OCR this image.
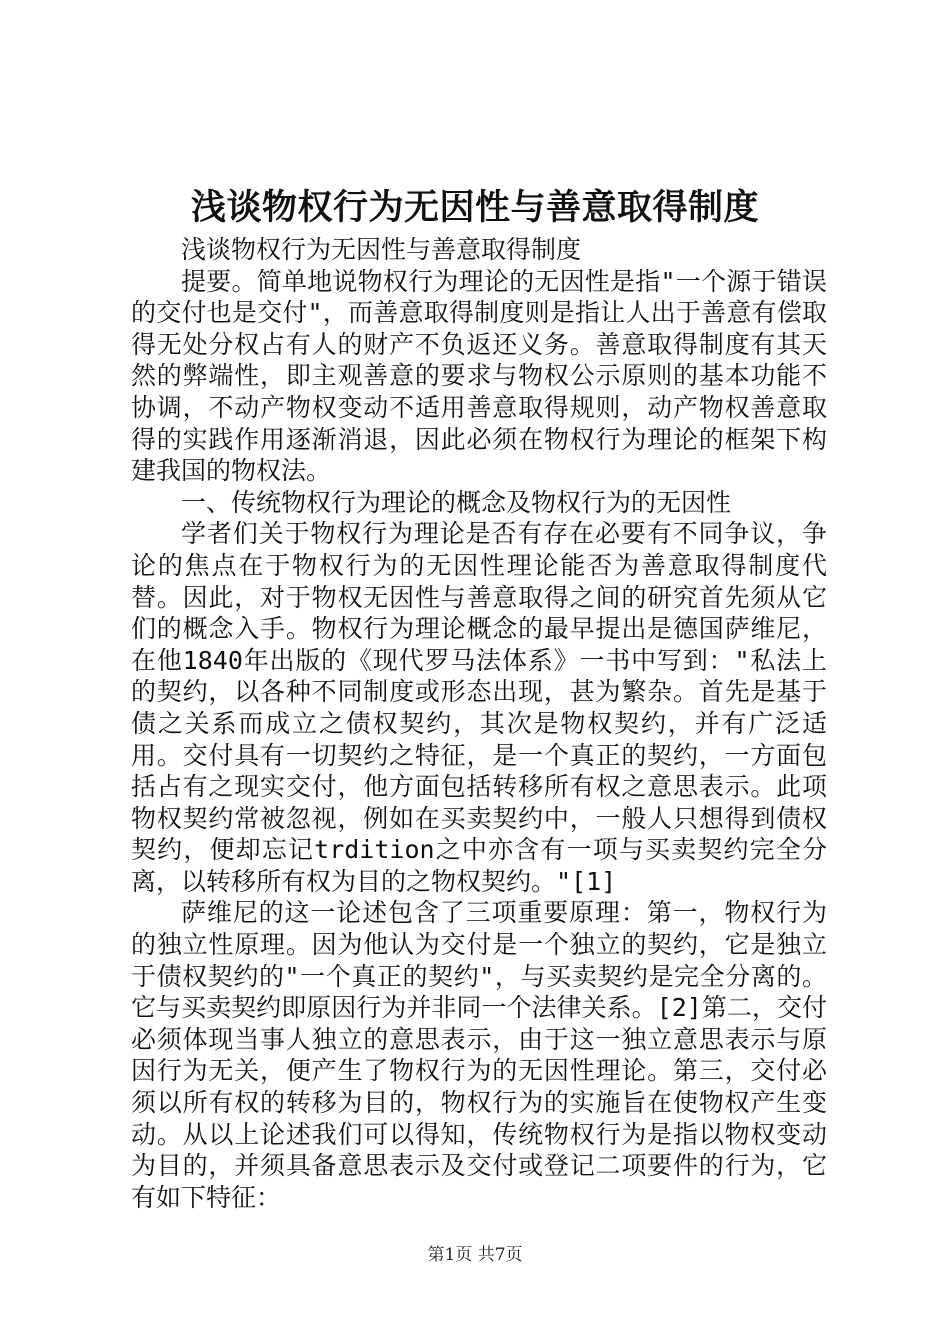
浅谈物权行为无因性与善意取得制度

浅谈物权行为无因性与善意取得制度

提要。简单地说物权行为理论的无因性是指"一个源于错误的交付也是交付"，而善意取得制度则是指让人出于善意有偿取得无处分权占有人的财产不负返还义务。善意取得制度有其天然的弊端性，即主观善意的要求与物权公示原则的基本功能不协调，不动产物权变动不适用善意取得规则，动产物权善意取得的实践作用逐渐消退，因此必须在物权行为理论的框架下构建我国的物权法。

一、传统物权行为理论的概念及物权行为的无因性

学者们关于物权行为理论是否有存在必要有不同争议，争论的焦点在于物权行为的无因性理论能否为善意取得制度代替。因此，对于物权无因性与善意取得之间的研究首先须从它们的概念入手。物权行为理论概念的最早提出是德国萨维尼，在他1840年出版的《现代罗马法体系》一书中写到："私法上的契约，以各种不同制度或形态出现，甚为繁杂。首先是基于债之关系而成立之债权契约，其次是物权契约，并有广泛适用。交付具有一切契约之特征，是一个真正的契约，一方面包括占有之现实交付，他方面包括转移所有权之意思表示。此项物权契约常被忽视，例如在买卖契约中，一般人只想得到债权契约，便却忘记trdition之中亦含有一项与买卖契约完全分离，以转移所有权为目的之物权契约。"[1]

萨维尼的这一论述包含了三项重要原理：第一，物权行为的独立性原理。因为他认为交付是一个独立的契约，它是独立于债权契约的"一个真正的契约"，与买卖契约是完全分离的。它与买卖契约即原因行为并非同一个法律关系。[2]第二，交付必须体现当事人独立的意思表示，由于这一独立意思表示与原因行为无关，便产生了物权行为的无因性理论。第三，交付必须以所有权的转移为目的，物权行为的实施旨在使物权产生变动。从以上论述我们可以得知，传统物权行为是指以物权变动为目的，并须具备意思表示及交付或登记二项要件的行为，它有如下特征：

第1页 共7页
